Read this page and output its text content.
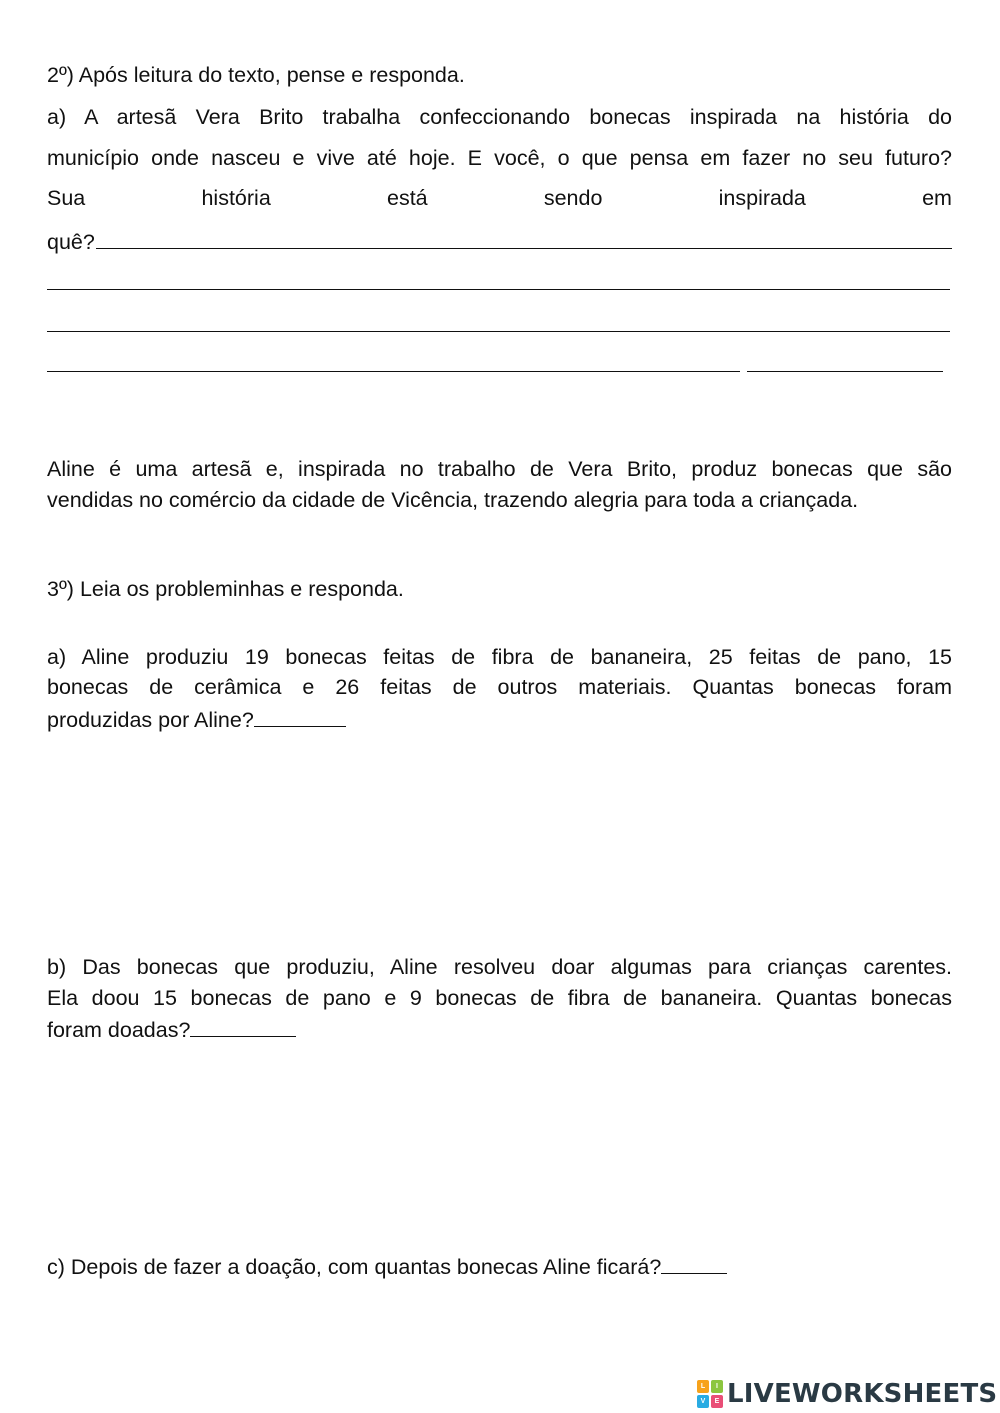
2º) Após leitura do texto, pense e responda.
a) A artesã Vera Brito trabalha confeccionando bonecas inspirada na história do
município onde nasceu e vive até hoje. E você, o que pensa em fazer no seu futuro?
Sua	história	está	sendo	inspirada	em
quê?
Aline é uma artesã e, inspirada no trabalho de Vera Brito, produz bonecas que são
vendidas no comércio da cidade de Vicência, trazendo alegria para toda a criançada.
3º) Leia os probleminhas e responda.
a) Aline produziu 19 bonecas feitas de fibra de bananeira, 25 feitas de pano, 15
bonecas de cerâmica e 26 feitas de outros materiais. Quantas bonecas foram
produzidas por Aline?
b) Das bonecas que produziu, Aline resolveu doar algumas para crianças carentes.
Ela doou 15 bonecas de pano e 9 bonecas de fibra de bananeira. Quantas bonecas
foram doadas?
c) Depois de fazer a doação, com quantas bonecas Aline ficará?
L	I
V	E LIVEWORKSHEETS
